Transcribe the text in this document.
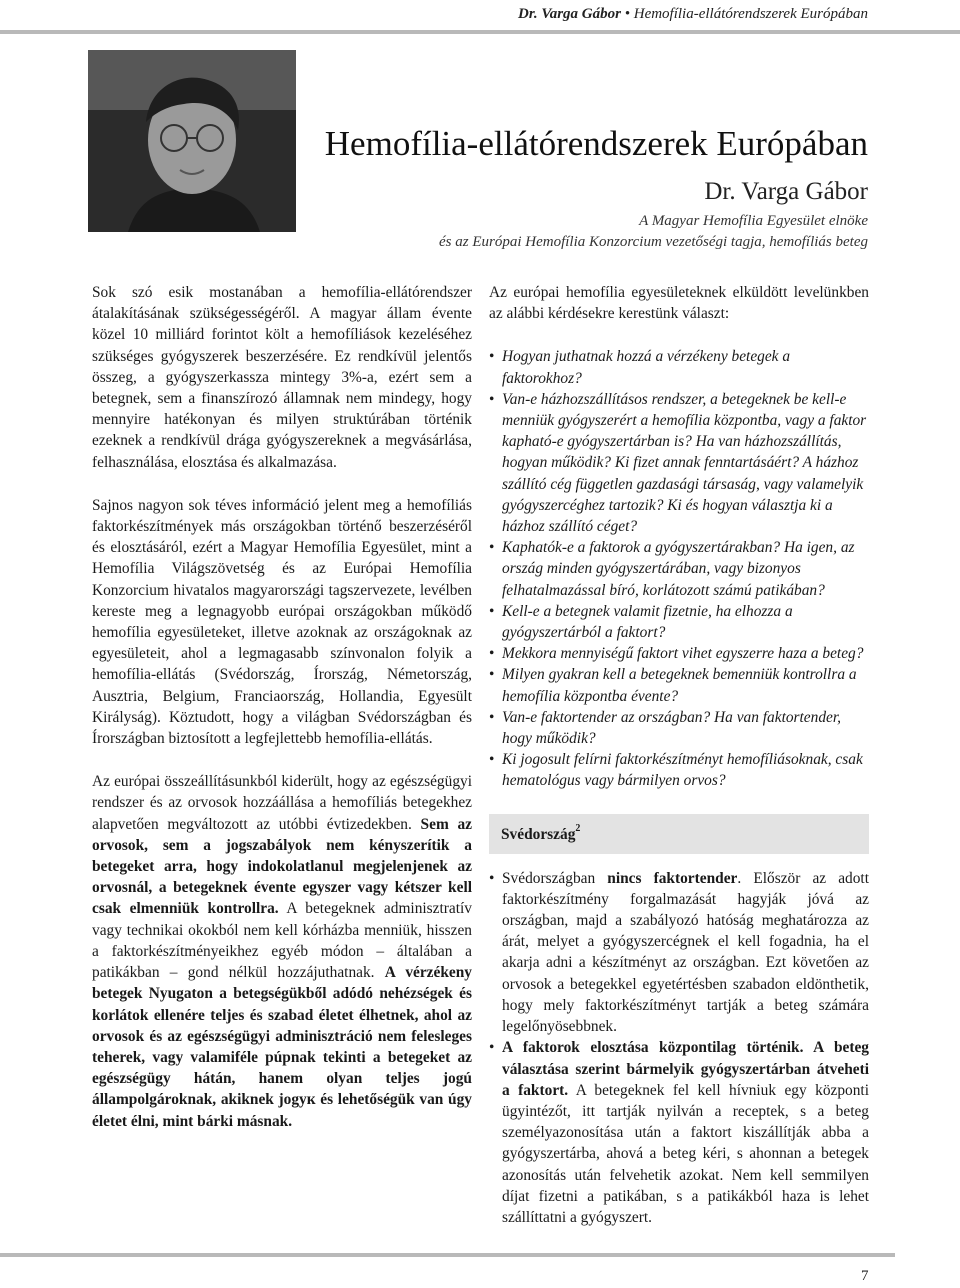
Dr. Varga Gábor • Hemofília-ellátórendszerek Európában
Hemofília-ellátórendszerek Európában
Dr. Varga Gábor
A Magyar Hemofília Egyesület elnöke
és az Európai Hemofília Konzorcium vezetőségi tagja, hemofíliás beteg

Sok szó esik mostanában a hemofília-ellátórendszer átalakításának szükségességéről. A magyar állam évente közel 10 milliárd forintot költ a hemofíliások kezeléséhez szükséges gyógyszerek beszerzésére. Ez rendkívül jelentős összeg, a gyógyszerkassza mintegy 3%-a, ezért sem a betegnek, sem a finanszírozó államnak nem mindegy, hogy mennyire hatékonyan és milyen struktúrában történik ezeknek a rendkívül drága gyógyszereknek a megvásárlása, felhasználása, elosztása és alkalmazása.

Sajnos nagyon sok téves információ jelent meg a hemofíliás faktorkészítmények más országokban történő beszerzéséről és elosztásáról, ezért a Magyar Hemofília Egyesület, mint a Hemofília Világszövetség és az Európai Hemofília Konzorcium hivatalos magyarországi tagszervezete, levélben kereste meg a legnagyobb európai országokban működő hemofília egyesületeket, illetve azoknak az országoknak az egyesületeit, ahol a legmagasabb színvonalon folyik a hemofília-ellátás (Svédország, Írország, Németország, Ausztria, Belgium, Franciaország, Hollandia, Egyesült Királyság). Köztudott, hogy a világban Svédországban és Írországban biztosított a legfejlettebb hemofília-ellátás.

Az európai összeállításunkból kiderült, hogy az egészségügyi rendszer és az orvosok hozzáállása a hemofíliás betegekhez alapvetően megváltozott az utóbbi évtizedekben. Sem az orvosok, sem a jogszabályok nem kényszerítik a betegeket arra, hogy indokolatlanul megjelenjenek az orvosnál, a betegeknek évente egyszer vagy kétszer kell csak elmenniük kontrollra. A betegeknek adminisztratív vagy technikai okokból nem kell kórházba menniük, hisszen a faktorkészítményeikhez egyéb módon – általában a patikákban – gond nélkül hozzájuthatnak. A vérzékeny betegek Nyugaton a betegségükből adódó nehézségek és korlátok ellenére teljes és szabad életet élhetnek, ahol az orvosok és az egészségügyi adminisztráció nem felesleges teherek, vagy valamiféle púpnak tekinti a betegeket az egészségügy hátán, hanem olyan teljes jogú állampolgároknak, akiknek jogук és lehetőségük van úgy életet élni, mint bárki másnak.

Az európai hemofília egyesületeknek elküldött levelünkben az alábbi kérdésekre kerestünk választ:

• Hogyan juthatnak hozzá a vérzékeny betegek a faktorokhoz?
• Van-e házhozszállításos rendszer, a betegeknek be kell-e menniük gyógyszerért a hemofília központba, vagy a faktor kapható-e gyógyszertárban is? Ha van házhozszállítás, hogyan működik? Ki fizet annak fenntartásáért? A házhoz szállító cég független gazdasági társaság, vagy valamelyik gyógyszercéghez tartozik? Ki és hogyan választja ki a házhoz szállító céget?
• Kaphatók-e a faktorok a gyógyszertárakban? Ha igen, az ország minden gyógyszertárában, vagy bizonyos felhatalmazással bíró, korlátozott számú patikában?
• Kell-e a betegnek valamit fizetnie, ha elhozza a gyógyszertárból a faktort?
• Mekkora mennyiségű faktort vihet egyszerre haza a beteg?
• Milyen gyakran kell a betegeknek bemenniük kontrollra a hemofília központba évente?
• Van-e faktortender az országban? Ha van faktortender, hogy működik?
• Ki jogosult felírni faktorkészítményt hemofíliásoknak, csak hematológus vagy bármilyen orvos?
Svédország$^2$
• Svédországban nincs faktortender. Először az adott faktorkészítmény forgalmazását hagyják jóvá az országban, majd a szabályozó hatóság meghatározza az árát, melyet a gyógyszercégnek el kell fogadnia, ha el akarja adni a készítményt az országban. Ezt követően az orvosok a betegekkel egyetértésben szabadon eldönthetik, hogy mely faktorkészítményt tartják a beteg számára legelőnyösebbnek.
• A faktorok elosztása központilag történik. A beteg választása szerint bármelyik gyógyszertárban átveheti a faktort. A betegeknek fel kell hívniuk egy központi ügyintézőt, itt tartják nyilván a receptek, s a beteg személyazonosítása után a faktort kiszállítják abba a gyógyszertárba, ahová a beteg kéri, s ahonnan a betegek azonosítás után felvehetik azokat. Nem kell semmilyen díjat fizetni a patikában, s a patikákból haza is lehet szállíttatni a gyógyszert.
7
